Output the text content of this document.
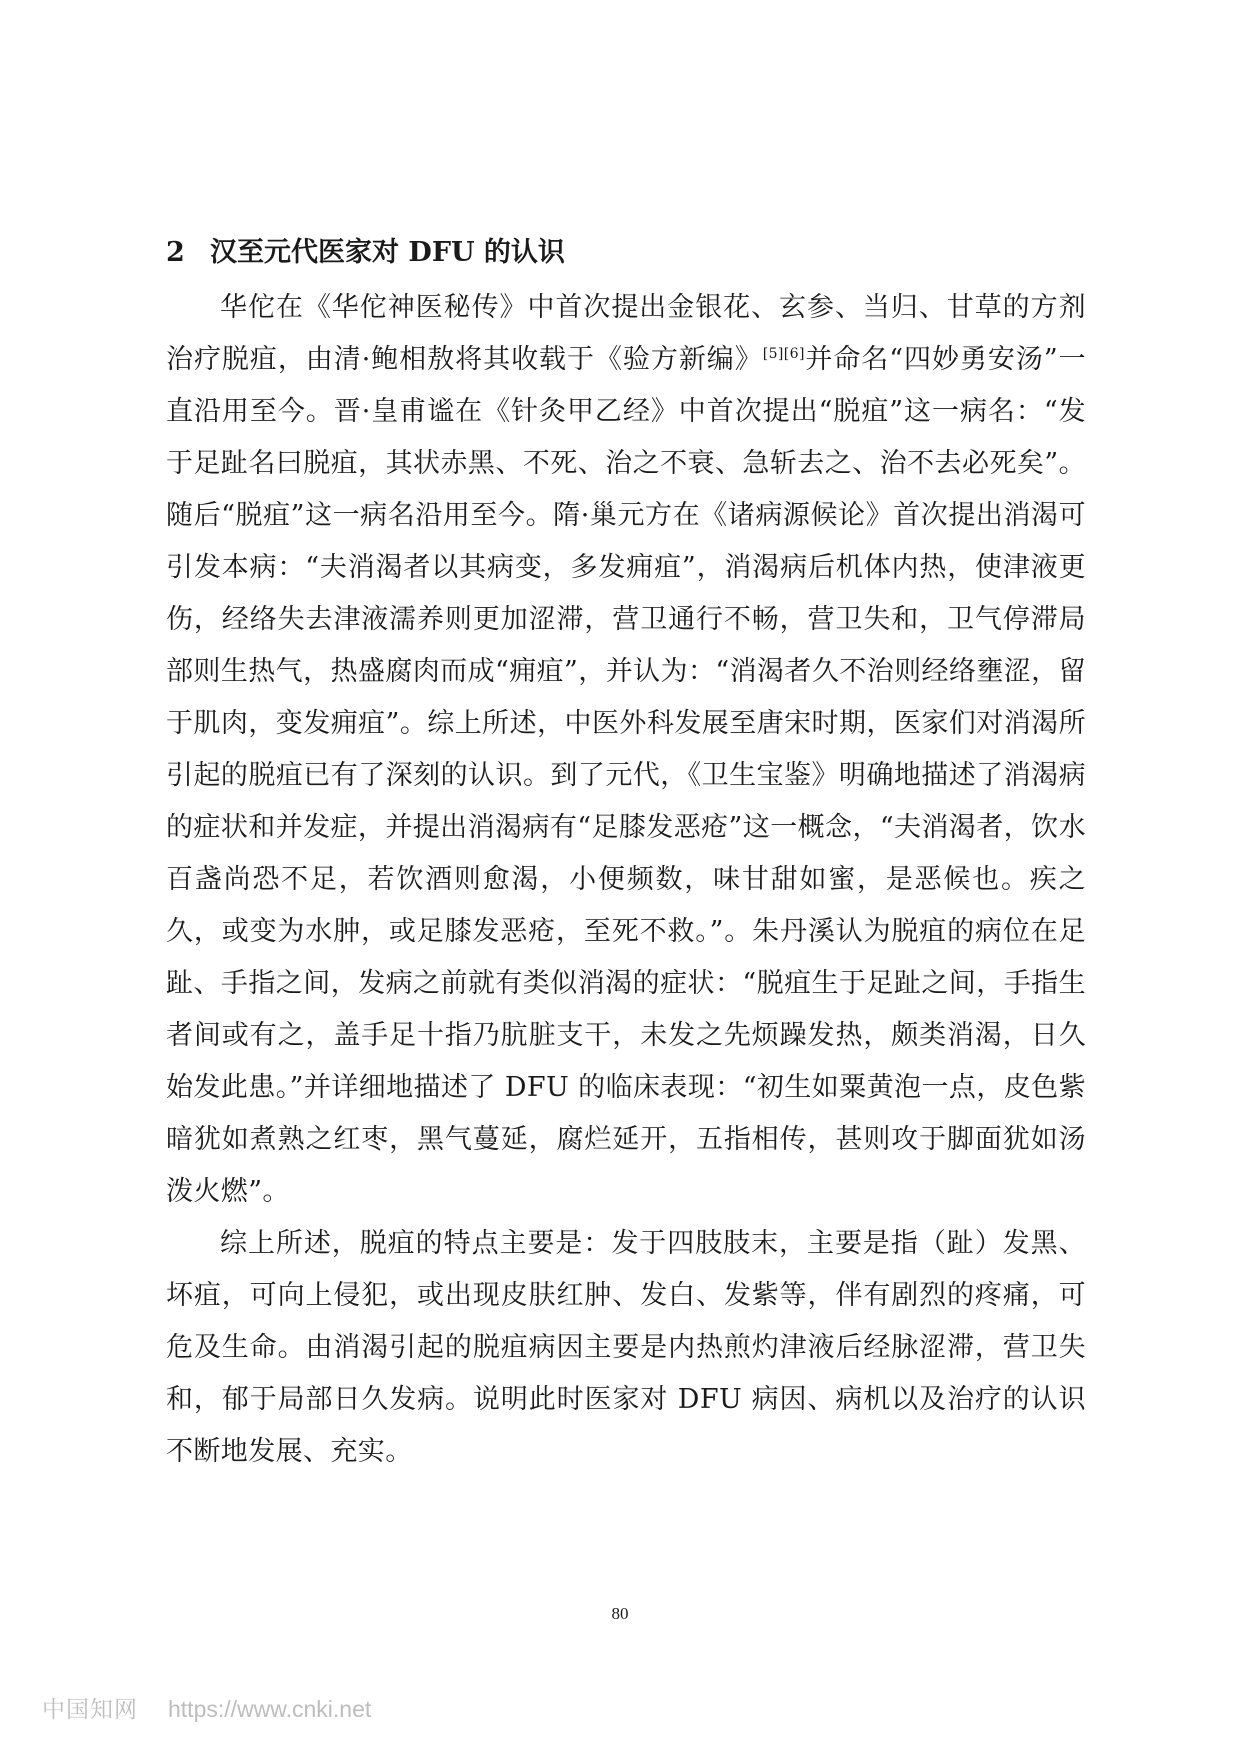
2 汉至元代医家对 DFU 的认识

华佗在《华佗神医秘传》中首次提出金银花、玄参、当归、甘草的方剂治疗脱疽，由清·鲍相敖将其收载于《验方新编》[5][6]并命名“四妙勇安汤”一直沿用至今。晋·皇甫谧在《针灸甲乙经》中首次提出“脱疽”这一病名：“发于足趾名曰脱疽，其状赤黑、不死、治之不衰、急斩去之、治不去必死矣”。随后“脱疽”这一病名沿用至今。隋·巢元方在《诸病源候论》首次提出消渴可引发本病：“夫消渴者以其病变，多发痈疽”，消渴病后机体内热，使津液更伤，经络失去津液濡养则更加涩滞，营卫通行不畅，营卫失和，卫气停滞局部则生热气，热盛腐肉而成“痈疽”，并认为：“消渴者久不治则经络壅涩，留于肌肉，变发痈疽”。综上所述，中医外科发展至唐宋时期，医家们对消渴所引起的脱疽已有了深刻的认识。到了元代，《卫生宝鉴》明确地描述了消渴病的症状和并发症，并提出消渴病有“足膝发恶疮”这一概念，“夫消渴者，饮水百盏尚恐不足，若饮酒则愈渴，小便频数，味甘甜如蜜，是恶候也。疾之久，或变为水肿，或足膝发恶疮，至死不救。”。朱丹溪认为脱疽的病位在足趾、手指之间，发病之前就有类似消渴的症状：“脱疽生于足趾之间，手指生者间或有之，盖手足十指乃肮脏支干，未发之先烦躁发热，颇类消渴，日久始发此患。”并详细地描述了 DFU 的临床表现：“初生如粟黄泡一点，皮色紫暗犹如煮熟之红枣，黑气蔓延，腐烂延开，五指相传，甚则攻于脚面犹如汤泼火燃”。

综上所述，脱疽的特点主要是：发于四肢肢末，主要是指（趾）发黑、坏疽，可向上侵犯，或出现皮肤红肿、发白、发紫等，伴有剧烈的疼痛，可危及生命。由消渴引起的脱疽病因主要是内热煎灼津液后经脉涩滞，营卫失和，郁于局部日久发病。说明此时医家对 DFU 病因、病机以及治疗的认识不断地发展、充实。

80
中国知网 https://www.cnki.net
